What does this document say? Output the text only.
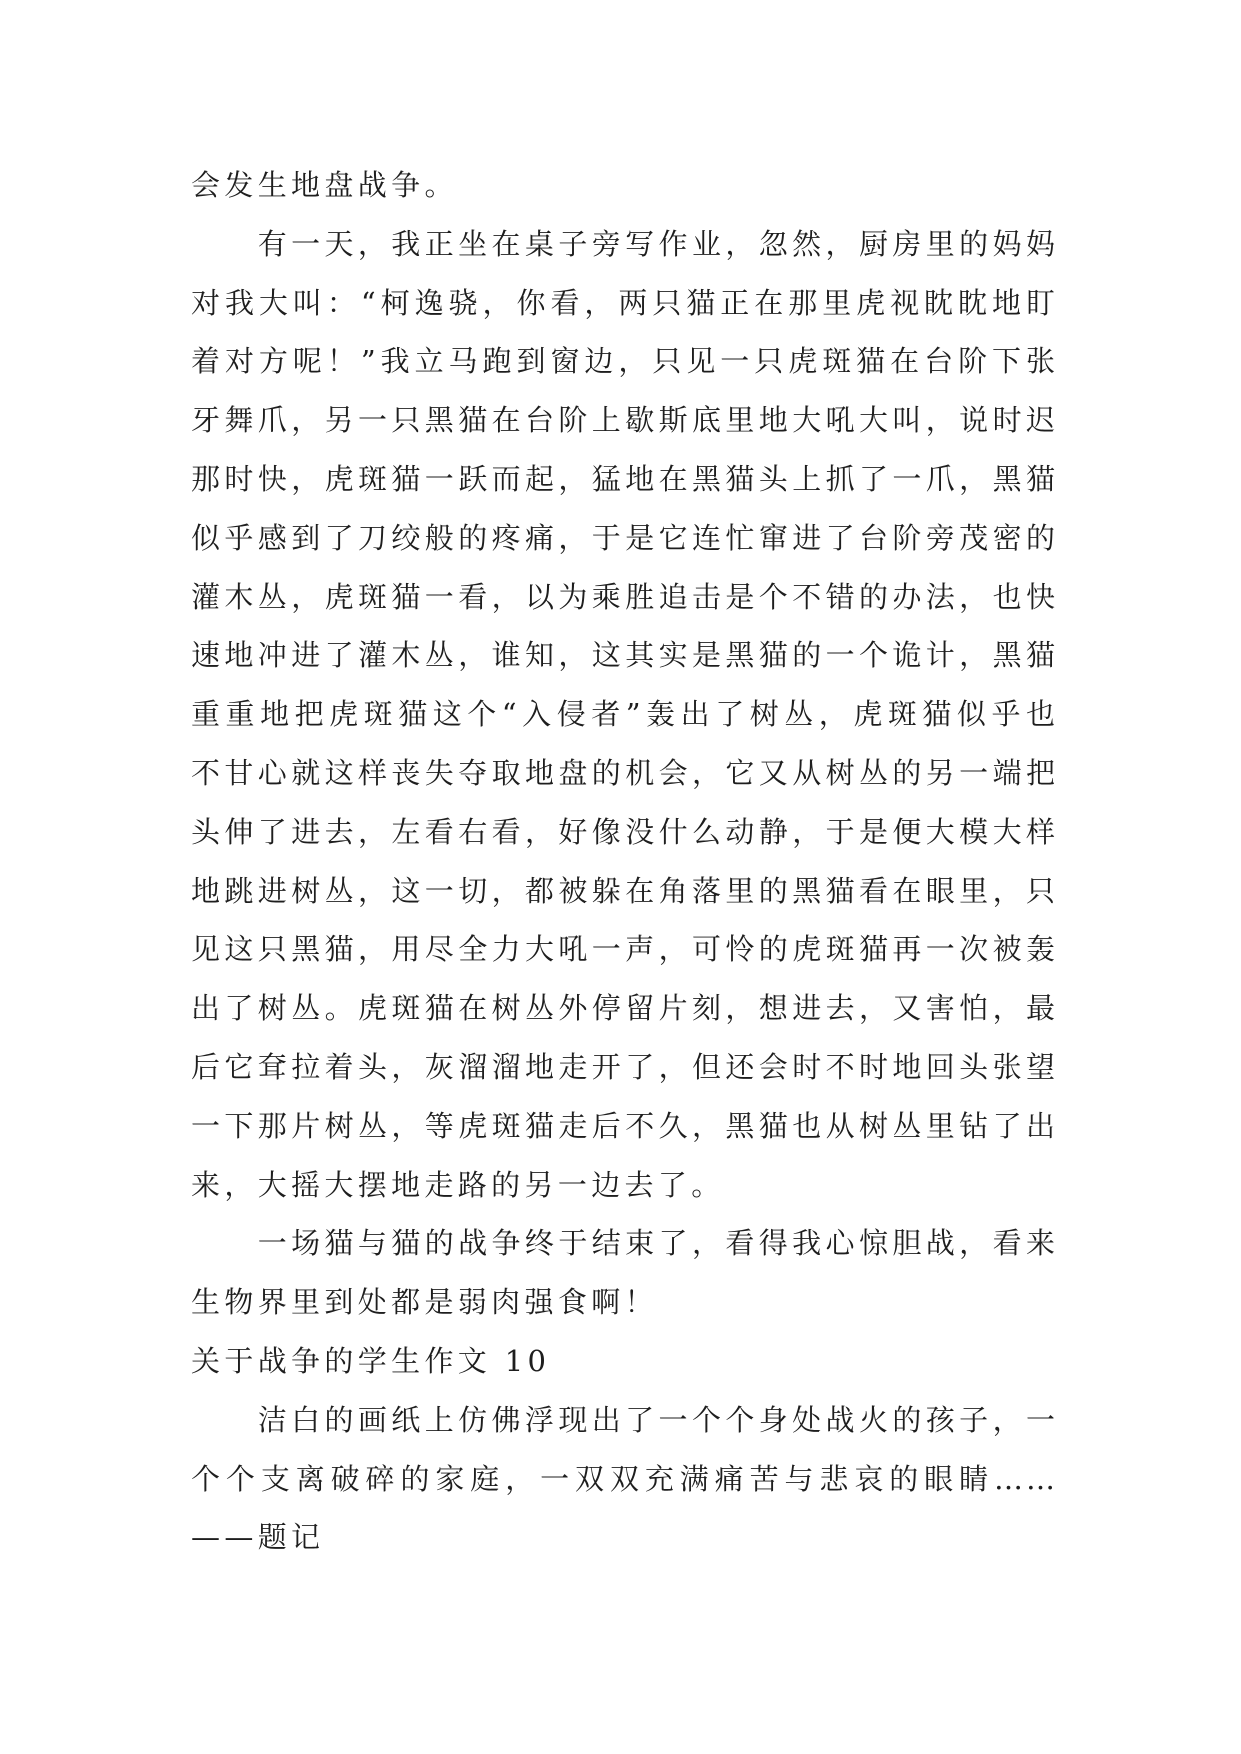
会发生地盘战争。
有一天，我正坐在桌子旁写作业，忽然，厨房里的妈妈
对我大叫：“柯逸骁，你看，两只猫正在那里虎视眈眈地盯
着对方呢！”我立马跑到窗边，只见一只虎斑猫在台阶下张
牙舞爪，另一只黑猫在台阶上歇斯底里地大吼大叫，说时迟
那时快，虎斑猫一跃而起，猛地在黑猫头上抓了一爪，黑猫
似乎感到了刀绞般的疼痛，于是它连忙窜进了台阶旁茂密的
灌木丛，虎斑猫一看，以为乘胜追击是个不错的办法，也快
速地冲进了灌木丛，谁知，这其实是黑猫的一个诡计，黑猫
重重地把虎斑猫这个“入侵者”轰出了树丛，虎斑猫似乎也
不甘心就这样丧失夺取地盘的机会，它又从树丛的另一端把
头伸了进去，左看右看，好像没什么动静，于是便大模大样
地跳进树丛，这一切，都被躲在角落里的黑猫看在眼里，只
见这只黑猫，用尽全力大吼一声，可怜的虎斑猫再一次被轰
出了树丛。虎斑猫在树丛外停留片刻，想进去，又害怕，最
后它耷拉着头，灰溜溜地走开了，但还会时不时地回头张望
一下那片树丛，等虎斑猫走后不久，黑猫也从树丛里钻了出
来，大摇大摆地走路的另一边去了。
一场猫与猫的战争终于结束了，看得我心惊胆战，看来
生物界里到处都是弱肉强食啊！
关于战争的学生作文 10
洁白的画纸上仿佛浮现出了一个个身处战火的孩子，一
个个支离破碎的家庭，一双双充满痛苦与悲哀的眼睛……
——题记
